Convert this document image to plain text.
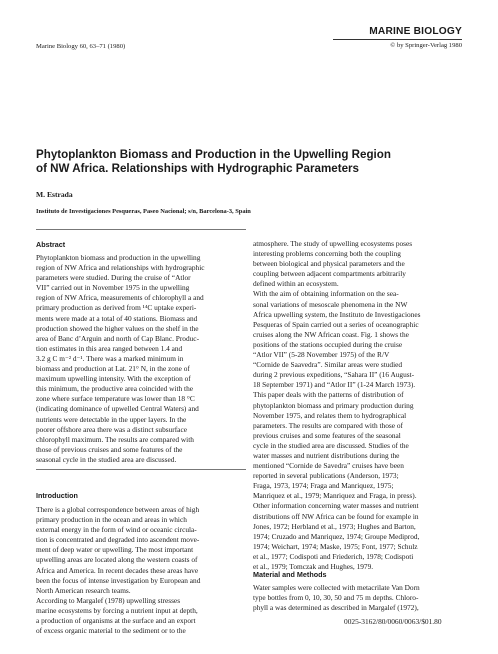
Marine Biology 60, 63–71 (1980)
MARINE BIOLOGY
© by Springer-Verlag 1980
Phytoplankton Biomass and Production in the Upwelling Region
of NW Africa. Relationships with Hydrographic Parameters
M. Estrada
Instituto de Investigaciones Pesqueras, Paseo Nacional; s/n, Barcelona-3, Spain
Abstract
Phytoplankton biomass and production in the upwelling
region of NW Africa and relationships with hydrographic
parameters were studied. During the cruise of “Atlor
VII” carried out in November 1975 in the upwelling
region of NW Africa, measurements of chlorophyll a and
primary production as derived from ¹⁴C uptake experi-
ments were made at a total of 40 stations. Biomass and
production showed the higher values on the shelf in the
area of Banc d’Arguin and north of Cap Blanc. Produc-
tion estimates in this area ranged between 1.4 and
3.2 g C m⁻² d⁻¹. There was a marked minimum in
biomass and production at Lat. 21° N, in the zone of
maximum upwelling intensity. With the exception of
this minimum, the productive area coincided with the
zone where surface temperature was lower than 18 °C
(indicating dominance of upwelled Central Waters) and
nutrients were detectable in the upper layers. In the
poorer offshore area there was a distinct subsurface
chlorophyll maximum. The results are compared with
those of previous cruises and some features of the
seasonal cycle in the studied area are discussed.
Introduction
There is a global correspondence between areas of high
primary production in the ocean and areas in which
external energy in the form of wind or oceanic circula-
tion is concentrated and degraded into ascendent move-
ment of deep water or upwelling. The most important
upwelling areas are located along the western coasts of
Africa and America. In recent decades these areas have
been the focus of intense investigation by European and
North American research teams.
According to Margalef (1978) upwelling stresses
marine ecosystems by forcing a nutrient input at depth,
a production of organisms at the surface and an export
of excess organic material to the sediment or to the
atmosphere. The study of upwelling ecosystems poses
interesting problems concerning both the coupling
between biological and physical parameters and the
coupling between adjacent compartments arbitrarily
defined within an ecosystem.
With the aim of obtaining information on the sea-
sonal variations of mesoscale phenomena in the NW
Africa upwelling system, the Instituto de Investigaciones
Pesqueras of Spain carried out a series of oceanographic
cruises along the NW African coast. Fig. 1 shows the
positions of the stations occupied during the cruise
“Atlor VII” (5-28 November 1975) of the R/V
“Cornide de Saavedra”. Similar areas were studied
during 2 previous expeditions, “Sahara II” (16 August-
18 September 1971) and “Atlor II” (1-24 March 1973).
This paper deals with the patterns of distribution of
phytoplankton biomass and primary production during
November 1975, and relates them to hydrographical
parameters. The results are compared with those of
previous cruises and some features of the seasonal
cycle in the studied area are discussed. Studies of the
water masses and nutrient distributions during the
mentioned “Cornide de Savedra” cruises have been
reported in several publications (Anderson, 1973;
Fraga, 1973, 1974; Fraga and Manriquez, 1975;
Manriquez et al., 1979; Manriquez and Fraga, in press).
Other information concerning water masses and nutrient
distributions off NW Africa can be found for example in
Jones, 1972; Herbland et al., 1973; Hughes and Barton,
1974; Cruzado and Manriquez, 1974; Groupe Mediprod,
1974; Weichart, 1974; Maske, 1975; Font, 1977; Schulz
et al., 1977; Codispoti and Friederich, 1978; Codispoti
et al., 1979; Tomczak and Hughes, 1979.
Material and Methods
Water samples were collected with metacrilate Van Dorn
type bottles from 0, 10, 30, 50 and 75 m depths. Chloro-
phyll a was determined as described in Margalef (1972),
0025-3162/80/0060/0063/$01.80
